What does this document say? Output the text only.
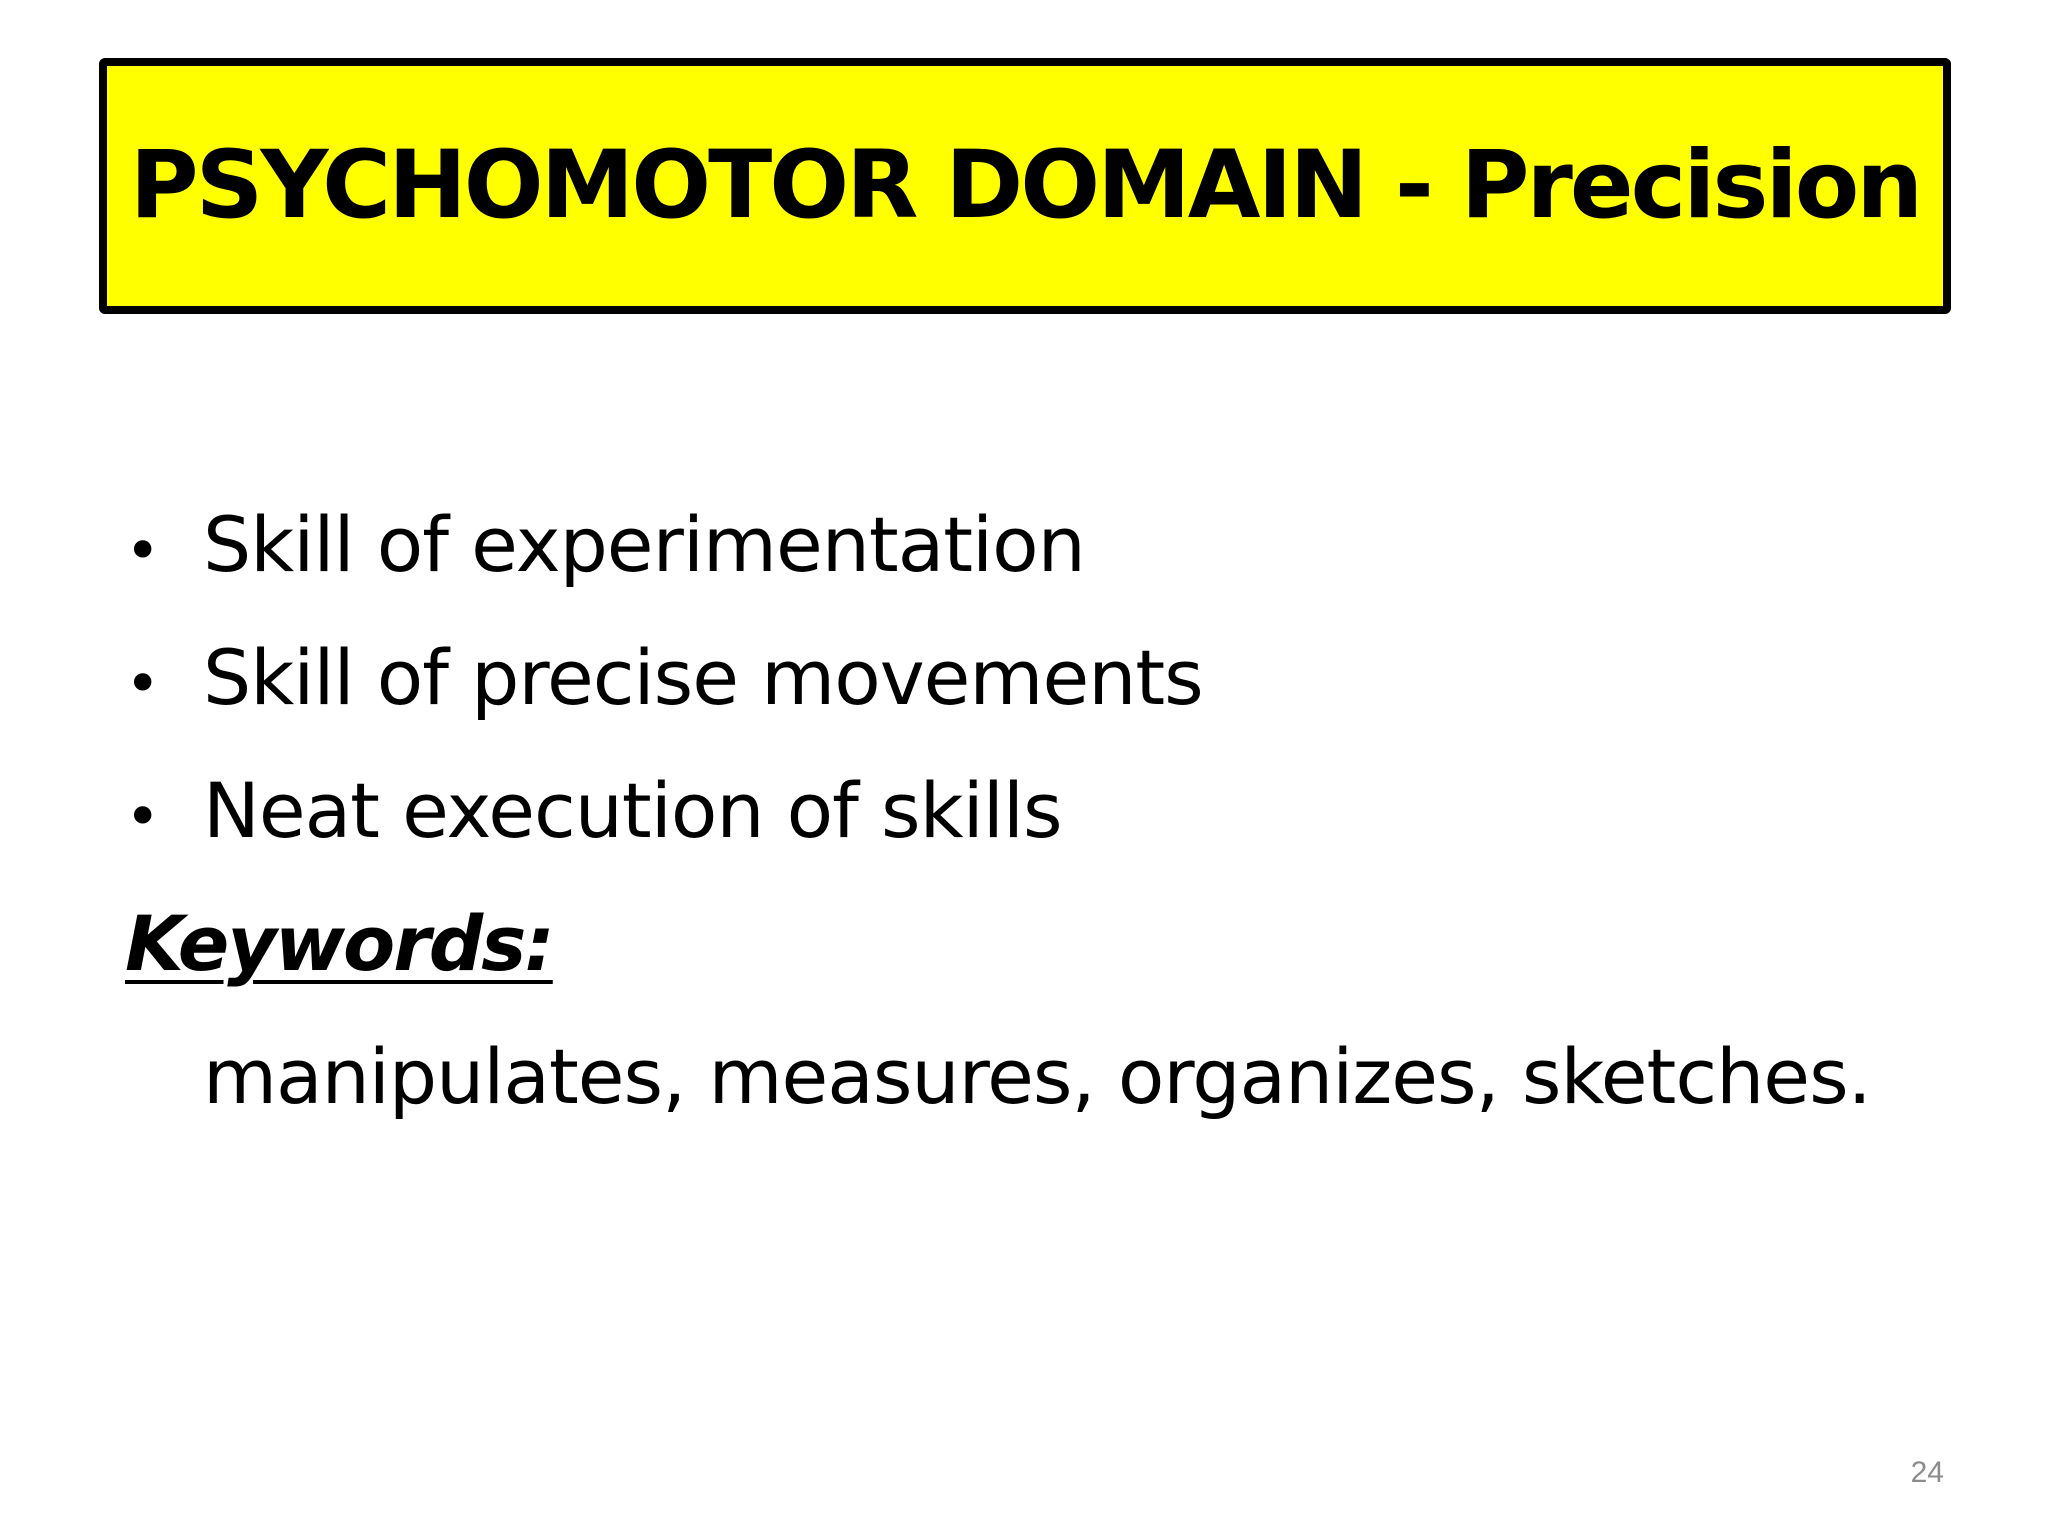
PSYCHOMOTOR DOMAIN - Precision
• Skill of experimentation
• Skill of precise movements
• Neat execution of skills
Keywords:
manipulates, measures, organizes, sketches.
24
